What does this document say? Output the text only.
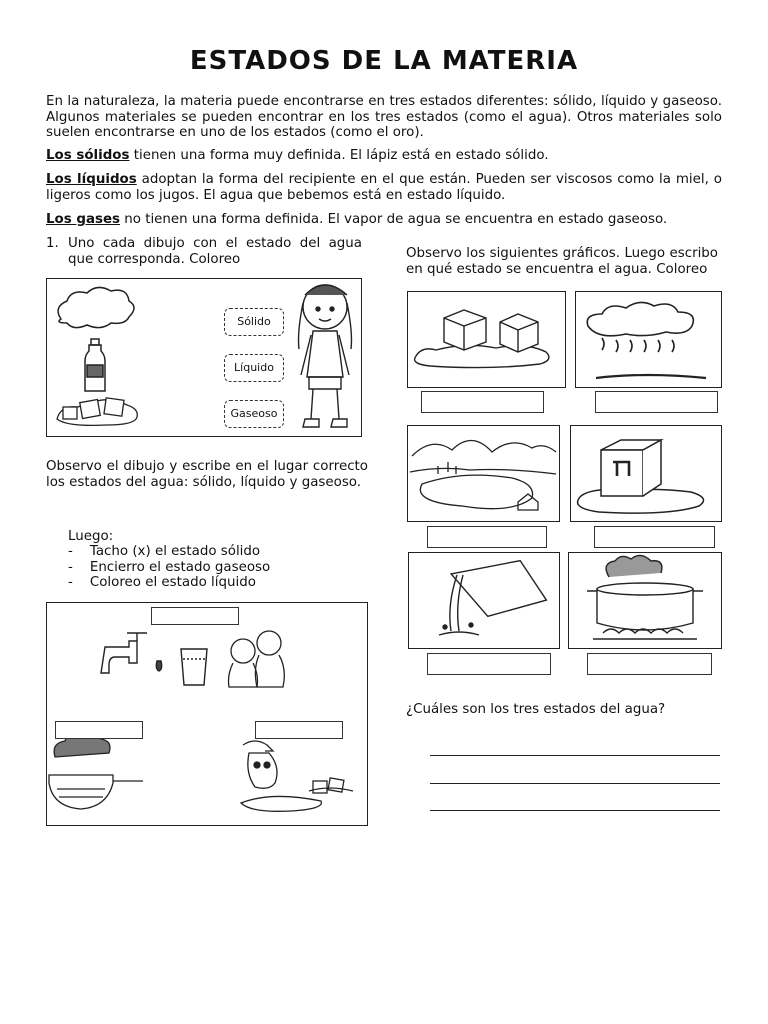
ESTADOS DE LA MATERIA
En la naturaleza, la materia puede encontrarse en tres estados diferentes: sólido, líquido y gaseoso. Algunos materiales se pueden encontrar en los tres estados (como el agua). Otros materiales solo suelen encontrarse en uno de los estados (como el oro).
Los sólidos tienen una forma muy definida. El lápiz está en estado sólido.
Los líquidos adoptan la forma del recipiente en el que están. Pueden ser viscosos como la miel, o ligeros como los jugos. El agua que bebemos está en estado líquido.
Los gases no tienen una forma definida. El vapor de agua se encuentra en estado gaseoso.
1. Uno cada dibujo con el estado del agua que corresponda. Coloreo
Sólido
Líquido
Gaseoso
Observo el dibujo y escribe en el lugar correcto los estados del agua: sólido, líquido y gaseoso.
Luego:
-    Tacho (x) el estado sólido
-    Encierro el estado gaseoso
-    Coloreo el estado líquido
Observo los siguientes gráficos. Luego escribo en qué estado se encuentra el agua. Coloreo
¿Cuáles son los tres estados del agua?
